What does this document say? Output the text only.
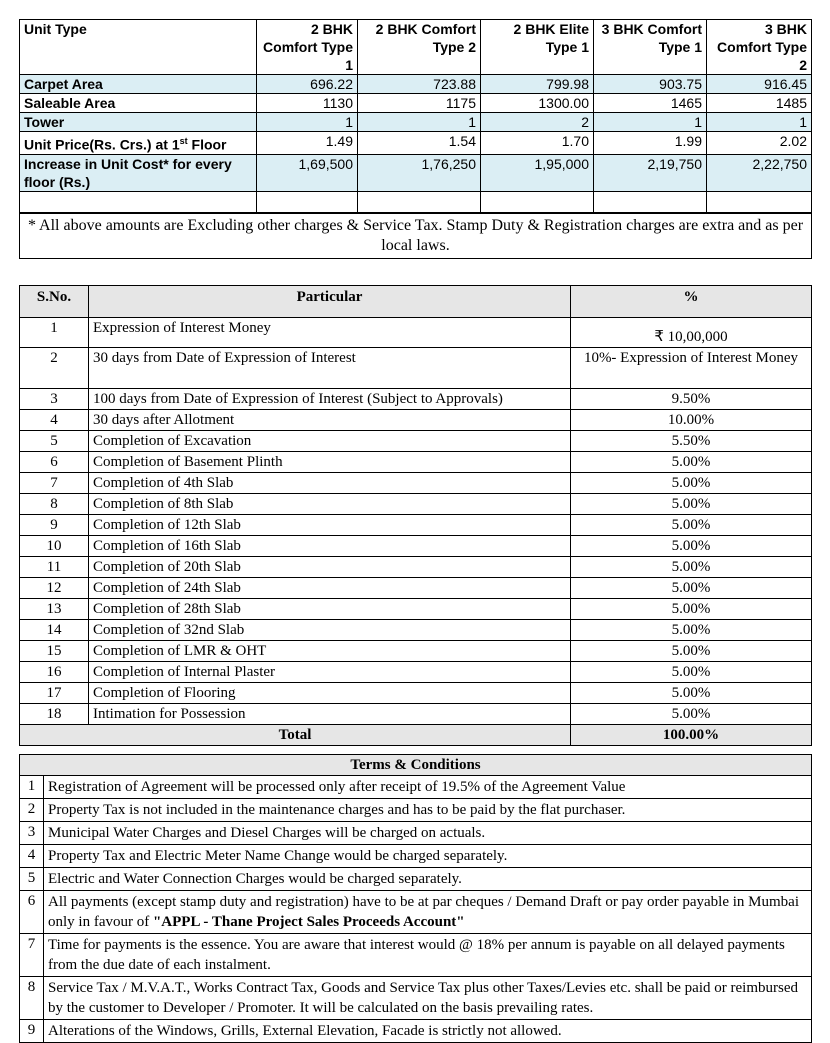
Unit Type	2 BHK Comfort Type 1	2 BHK Comfort Type 2	2 BHK Elite Type 1	3 BHK Comfort Type 1	3 BHK Comfort Type 2
Carpet Area	696.22	723.88	799.98	903.75	916.45
Saleable Area	1130	1175	1300.00	1465	1485
Tower	1	1	2	1	1
Unit Price(Rs. Crs.) at 1st Floor	1.49	1.54	1.70	1.99	2.02
Increase in Unit Cost* for every floor (Rs.)	1,69,500	1,76,250	1,95,000	2,19,750	2,22,750

* All above amounts are Excluding other charges & Service Tax. Stamp Duty & Registration charges are extra and as per local laws.					
S.No.	Particular	%
1	Expression of Interest Money	₹ 10,00,000
2	30 days from Date of Expression of Interest	10%- Expression of Interest Money
3	100 days from Date of Expression of Interest (Subject to Approvals)	9.50%
4	30 days after Allotment	10.00%
5	Completion of Excavation	5.50%
6	Completion of Basement Plinth	5.00%
7	Completion of 4th Slab	5.00%
8	Completion of 8th Slab	5.00%
9	Completion of 12th Slab	5.00%
10	Completion of 16th Slab	5.00%
11	Completion of 20th Slab	5.00%
12	Completion of 24th Slab	5.00%
13	Completion of 28th Slab	5.00%
14	Completion of 32nd Slab	5.00%
15	Completion of LMR & OHT	5.00%
16	Completion of Internal Plaster	5.00%
17	Completion of Flooring	5.00%
18	Intimation for Possession	5.00%
Total		100.00%
Terms & Conditions	
1	Registration of Agreement will be processed only after receipt of 19.5% of the Agreement Value
2	Property Tax is not included in the maintenance charges and has to be paid by the flat purchaser.
3	Municipal Water Charges and Diesel Charges will be charged on actuals.
4	Property Tax and Electric Meter Name Change would be charged separately.
5	Electric and Water Connection Charges would be charged separately.
6	All payments (except stamp duty and registration) have to be at par cheques / Demand Draft or pay order payable in Mumbai only in favour of "APPL - Thane Project Sales Proceeds Account"
7	Time for payments is the essence. You are aware that interest would @ 18% per annum is payable on all delayed payments from the due date of each instalment.
8	Service Tax / M.V.A.T., Works Contract Tax, Goods and Service Tax plus other Taxes/Levies etc. shall be paid or reimbursed by the customer to Developer / Promoter. It will be calculated on the basis prevailing rates.
9	Alterations of the Windows, Grills, External Elevation, Facade is strictly not allowed.
